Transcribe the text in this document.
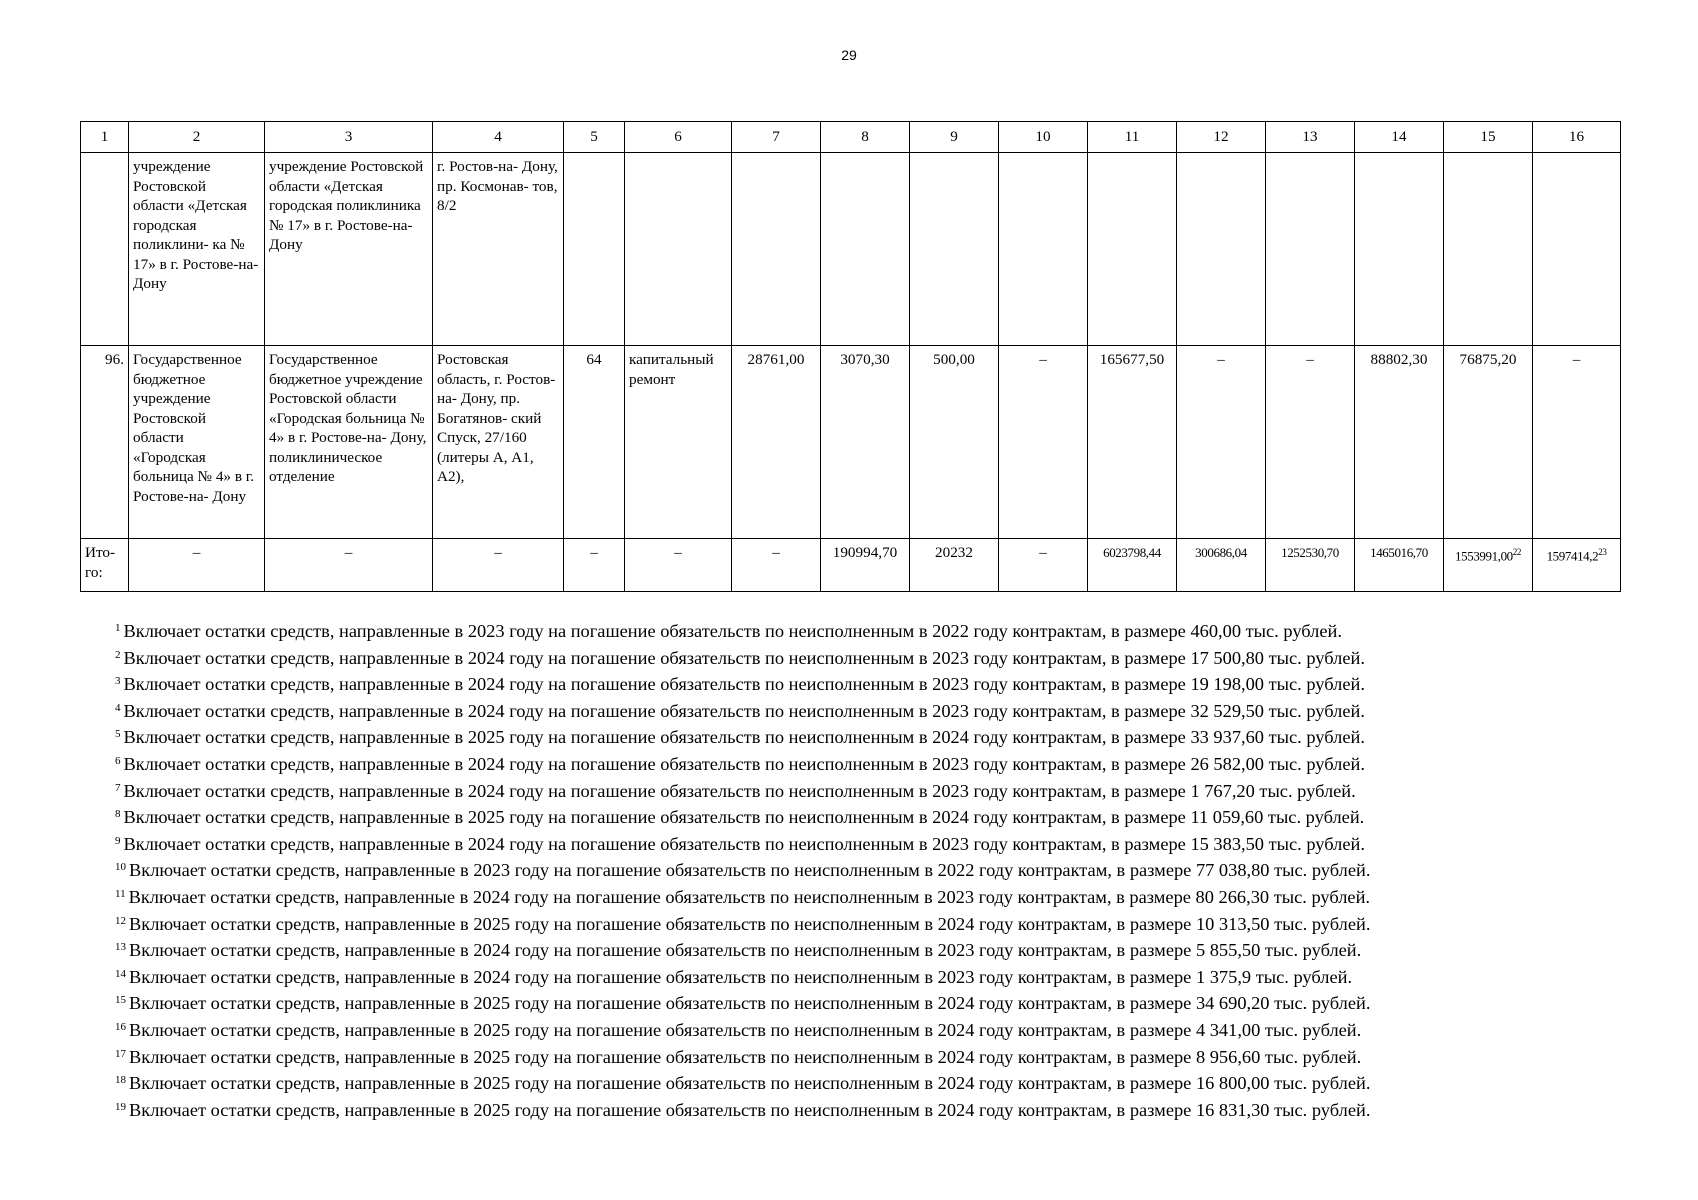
29
1	2	3	4	5	6	7	8	9	10	11	12	13	14	15	16
	учреждение Ростовской области «Детская городская поликлини- ка № 17» в г. Ростове-на- Дону	учреждение Ростовской области «Детская городская поликлиника № 17» в г. Ростове-на-Дону	г. Ростов-на- Дону, пр. Космонав- тов, 8/2												
96.	Государственное бюджетное учреждение Ростовской области «Городская больница № 4» в г. Ростове-на- Дону	Государственное бюджетное учреждение Ростовской области «Городская больница № 4» в г. Ростове-на- Дону, поликлиническое отделение	Ростовская область, г. Ростов-на- Дону, пр. Богатянов- ский Спуск, 27/160 (литеры А, А1, А2),	64	капитальный ремонт	28761,00	3070,30	500,00	–	165677,50	–	–	88802,30	76875,20	–
Ито- го:	–	–	–	–	–	–	190994,70	20232	–	6023798,44	300686,04	1252530,70	1465016,70	1553991,00$^{22}$	1597414,2$^{23}$
$^1$ Включает остатки средств, направленные в 2023 году на погашение обязательств по неисполненным в 2022 году контрактам, в размере 460,00 тыс. рублей.
$^2$ Включает остатки средств, направленные в 2024 году на погашение обязательств по неисполненным в 2023 году контрактам, в размере 17 500,80 тыс. рублей.
$^3$ Включает остатки средств, направленные в 2024 году на погашение обязательств по неисполненным в 2023 году контрактам, в размере 19 198,00 тыс. рублей.
$^4$ Включает остатки средств, направленные в 2024 году на погашение обязательств по неисполненным в 2023 году контрактам, в размере 32 529,50 тыс. рублей.
$^5$ Включает остатки средств, направленные в 2025 году на погашение обязательств по неисполненным в 2024 году контрактам, в размере 33 937,60 тыс. рублей.
$^6$ Включает остатки средств, направленные в 2024 году на погашение обязательств по неисполненным в 2023 году контрактам, в размере 26 582,00 тыс. рублей.
$^7$ Включает остатки средств, направленные в 2024 году на погашение обязательств по неисполненным в 2023 году контрактам, в размере 1 767,20 тыс. рублей.
$^8$ Включает остатки средств, направленные в 2025 году на погашение обязательств по неисполненным в 2024 году контрактам, в размере 11 059,60 тыс. рублей.
$^9$ Включает остатки средств, направленные в 2024 году на погашение обязательств по неисполненным в 2023 году контрактам, в размере 15 383,50 тыс. рублей.
$^{10}$ Включает остатки средств, направленные в 2023 году на погашение обязательств по неисполненным в 2022 году контрактам, в размере 77 038,80 тыс. рублей.
$^{11}$ Включает остатки средств, направленные в 2024 году на погашение обязательств по неисполненным в 2023 году контрактам, в размере 80 266,30 тыс. рублей.
$^{12}$ Включает остатки средств, направленные в 2025 году на погашение обязательств по неисполненным в 2024 году контрактам, в размере 10 313,50 тыс. рублей.
$^{13}$ Включает остатки средств, направленные в 2024 году на погашение обязательств по неисполненным в 2023 году контрактам, в размере 5 855,50 тыс. рублей.
$^{14}$ Включает остатки средств, направленные в 2024 году на погашение обязательств по неисполненным в 2023 году контрактам, в размере 1 375,9 тыс. рублей.
$^{15}$ Включает остатки средств, направленные в 2025 году на погашение обязательств по неисполненным в 2024 году контрактам, в размере 34 690,20 тыс. рублей.
$^{16}$ Включает остатки средств, направленные в 2025 году на погашение обязательств по неисполненным в 2024 году контрактам, в размере 4 341,00 тыс. рублей.
$^{17}$ Включает остатки средств, направленные в 2025 году на погашение обязательств по неисполненным в 2024 году контрактам, в размере 8 956,60 тыс. рублей.
$^{18}$ Включает остатки средств, направленные в 2025 году на погашение обязательств по неисполненным в 2024 году контрактам, в размере 16 800,00 тыс. рублей.
$^{19}$ Включает остатки средств, направленные в 2025 году на погашение обязательств по неисполненным в 2024 году контрактам, в размере 16 831,30 тыс. рублей.
